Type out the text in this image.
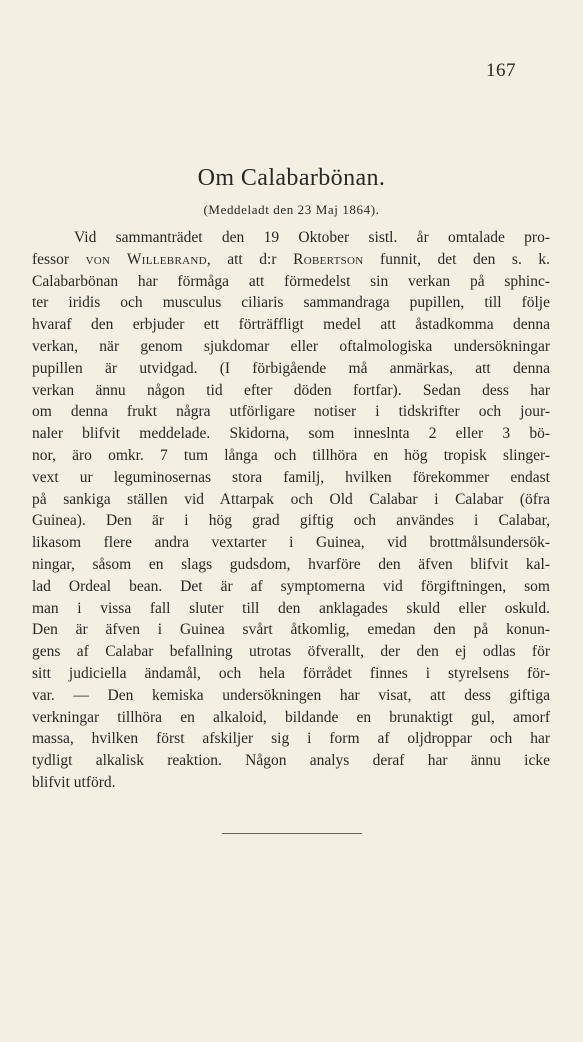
167
Om Calabarbönan.
(Meddeladt den 23 Maj 1864).
Vid sammanträdet den 19 Oktober sistl. år omtalade pro-
fessor von Willebrand, att d:r Robertson funnit, det den s. k.
Calabarbönan har förmåga att förmedelst sin verkan på sphinc-
ter iridis och musculus ciliaris sammandraga pupillen, till följe
hvaraf den erbjuder ett förträffligt medel att åstadkomma denna
verkan, när genom sjukdomar eller oftalmologiska undersökningar
pupillen är utvidgad. (I förbigående må anmärkas, att denna
verkan ännu någon tid efter döden fortfar). Sedan dess har
om denna frukt några utförligare notiser i tidskrifter och jour-
naler blifvit meddelade. Skidorna, som inneslnta 2 eller 3 bö-
nor, äro omkr. 7 tum långa och tillhöra en hög tropisk slinger-
vext ur leguminosernas stora familj, hvilken förekommer endast
på sankiga ställen vid Attarpak och Old Calabar i Calabar (öfra
Guinea). Den är i hög grad giftig och användes i Calabar,
likasom flere andra vextarter i Guinea, vid brottmålsundersök-
ningar, såsom en slags gudsdom, hvarföre den äfven blifvit kal-
lad Ordeal bean. Det är af symptomerna vid förgiftningen, som
man i vissa fall sluter till den anklagades skuld eller oskuld.
Den är äfven i Guinea svårt åtkomlig, emedan den på konun-
gens af Calabar befallning utrotas öfverallt, der den ej odlas för
sitt judiciella ändamål, och hela förrådet finnes i styrelsens för-
var. — Den kemiska undersökningen har visat, att dess giftiga
verkningar tillhöra en alkaloid, bildande en brunaktigt gul, amorf
massa, hvilken först afskiljer sig i form af oljdroppar och har
tydligt alkalisk reaktion. Någon analys deraf har ännu icke
blifvit utförd.
